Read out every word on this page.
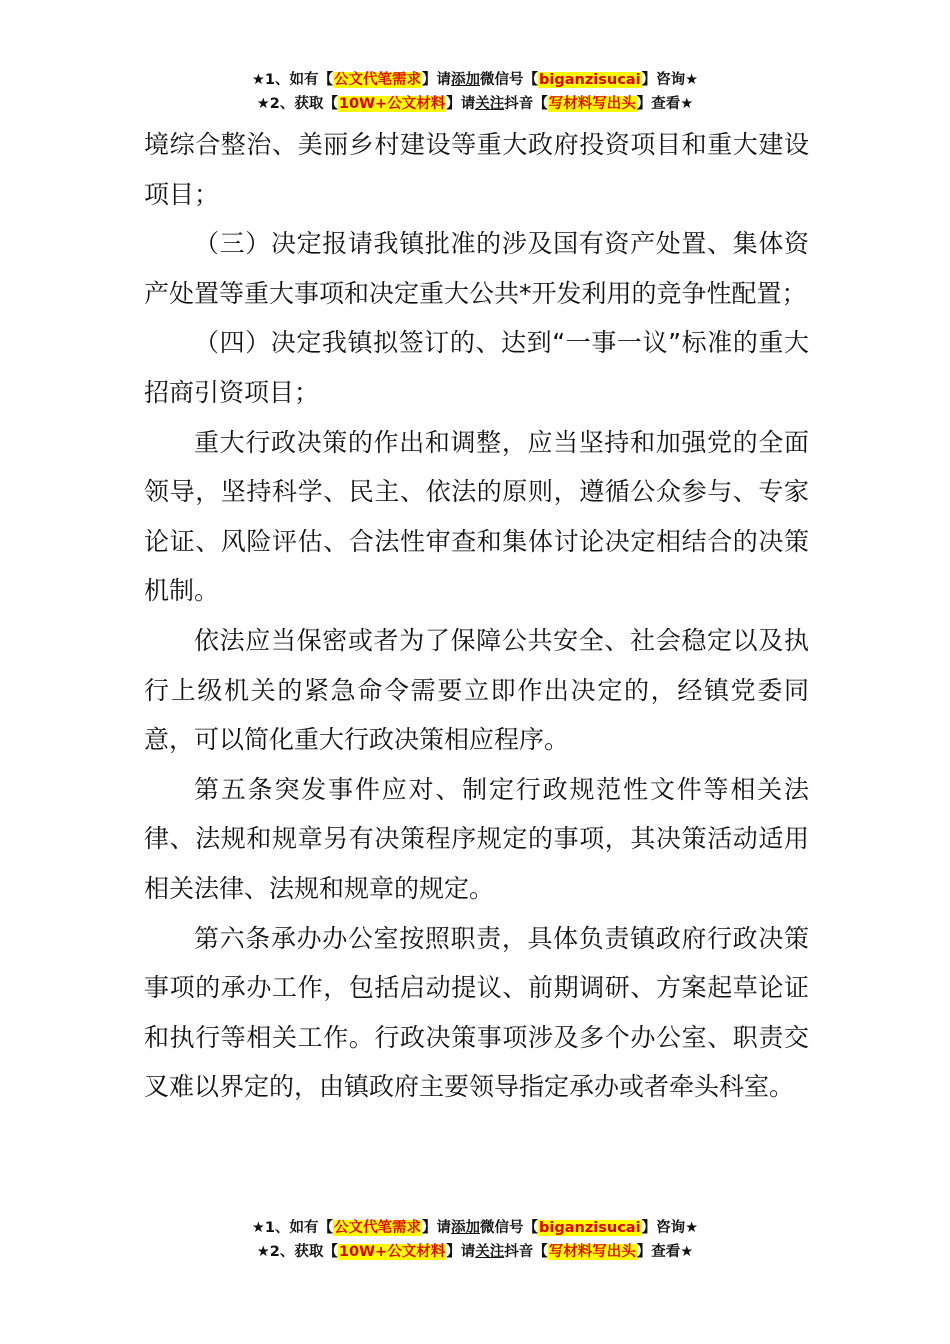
★1、如有【公文代笔需求】请添加微信号【biganzisucai】咨询★
★2、获取【10W+公文材料】请关注抖音【写材料写出头】查看★

境综合整治、美丽乡村建设等重大政府投资项目和重大建设项目；

（三）决定报请我镇批准的涉及国有资产处置、集体资产处置等重大事项和决定重大公共*开发利用的竞争性配置；

（四）决定我镇拟签订的、达到“一事一议”标准的重大招商引资项目；

重大行政决策的作出和调整，应当坚持和加强党的全面领导，坚持科学、民主、依法的原则，遵循公众参与、专家论证、风险评估、合法性审查和集体讨论决定相结合的决策机制。

依法应当保密或者为了保障公共安全、社会稳定以及执行上级机关的紧急命令需要立即作出决定的，经镇党委同意，可以简化重大行政决策相应程序。

第五条突发事件应对、制定行政规范性文件等相关法律、法规和规章另有决策程序规定的事项，其决策活动适用相关法律、法规和规章的规定。

第六条承办办公室按照职责，具体负责镇政府行政决策事项的承办工作，包括启动提议、前期调研、方案起草论证和执行等相关工作。行政决策事项涉及多个办公室、职责交叉难以界定的，由镇政府主要领导指定承办或者牵头科室。

★1、如有【公文代笔需求】请添加微信号【biganzisucai】咨询★
★2、获取【10W+公文材料】请关注抖音【写材料写出头】查看★
